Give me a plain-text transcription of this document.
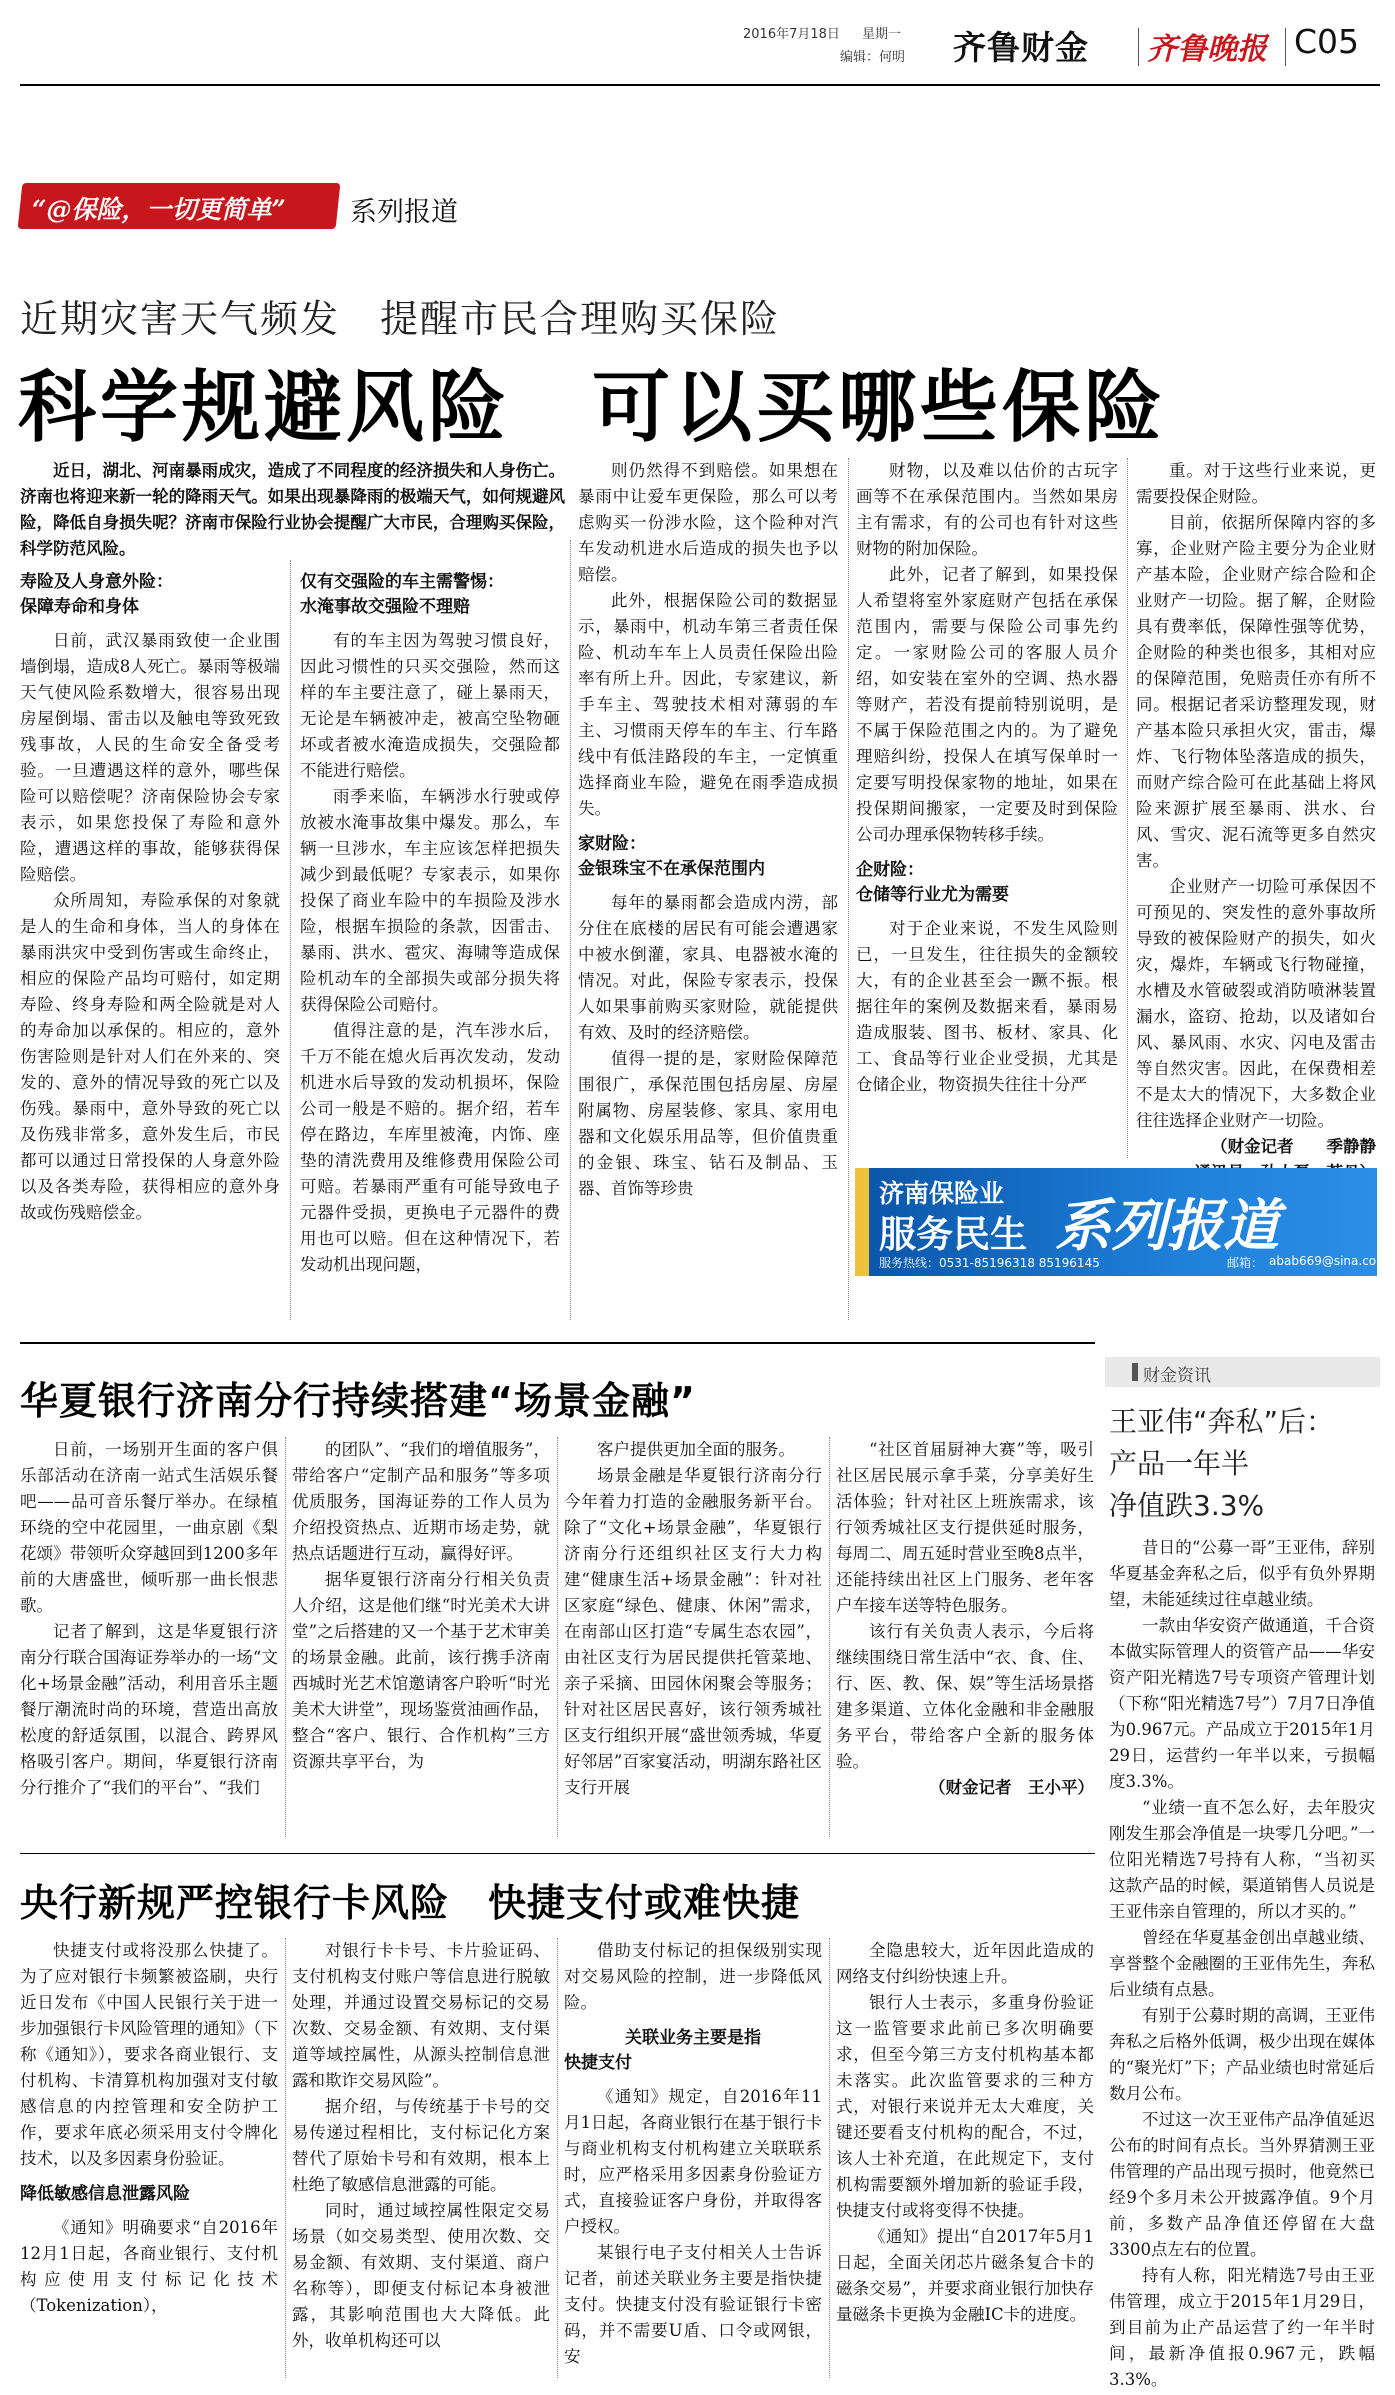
2016年7月18日 星期一
编辑：何明 齐鲁财金 齐鲁晚报 C05
“@保险，一切更简单” 系列报道
近期灾害天气频发　提醒市民合理购买保险
科学规避风险　可以买哪些保险

近日，湖北、河南暴雨成灾，造成了不同程度的经济损失和人身伤亡。济南也将迎来新一轮的降雨天气。如果出现暴降雨的极端天气，如何规避风险，降低自身损失呢？济南市保险行业协会提醒广大市民，合理购买保险，科学防范风险。

寿险及人身意外险：
保障寿命和身体

日前，武汉暴雨致使一企业围墙倒塌，造成8人死亡。暴雨等极端天气使风险系数增大，很容易出现房屋倒塌、雷击以及触电等致死致残事故，人民的生命安全备受考验。一旦遭遇这样的意外，哪些保险可以赔偿呢？济南保险协会专家表示，如果您投保了寿险和意外险，遭遇这样的事故，能够获得保险赔偿。

众所周知，寿险承保的对象就是人的生命和身体，当人的身体在暴雨洪灾中受到伤害或生命终止，相应的保险产品均可赔付，如定期寿险、终身寿险和两全险就是对人的寿命加以承保的。相应的，意外伤害险则是针对人们在外来的、突发的、意外的情况导致的死亡以及伤残。暴雨中，意外导致的死亡以及伤残非常多，意外发生后，市民都可以通过日常投保的人身意外险以及各类寿险，获得相应的意外身故或伤残赔偿金。

仅有交强险的车主需警惕：
水淹事故交强险不理赔

有的车主因为驾驶习惯良好，因此习惯性的只买交强险，然而这样的车主要注意了，碰上暴雨天，无论是车辆被冲走，被高空坠物砸坏或者被水淹造成损失，交强险都不能进行赔偿。

雨季来临，车辆涉水行驶或停放被水淹事故集中爆发。那么，车辆一旦涉水，车主应该怎样把损失减少到最低呢？专家表示，如果你投保了商业车险中的车损险及涉水险，根据车损险的条款，因雷击、暴雨、洪水、雹灾、海啸等造成保险机动车的全部损失或部分损失将获得保险公司赔付。

值得注意的是，汽车涉水后，千万不能在熄火后再次发动，发动机进水后导致的发动机损坏，保险公司一般是不赔的。据介绍，若车停在路边，车库里被淹，内饰、座垫的清洗费用及维修费用保险公司可赔。若暴雨严重有可能导致电子元器件受损，更换电子元器件的费用也可以赔。但在这种情况下，若发动机出现问题，

则仍然得不到赔偿。如果想在暴雨中让爱车更保险，那么可以考虑购买一份涉水险，这个险种对汽车发动机进水后造成的损失也予以赔偿。

此外，根据保险公司的数据显示，暴雨中，机动车第三者责任保险、机动车车上人员责任保险出险率有所上升。因此，专家建议，新手车主、驾驶技术相对薄弱的车主、习惯雨天停车的车主、行车路线中有低洼路段的车主，一定慎重选择商业车险，避免在雨季造成损失。

家财险：
金银珠宝不在承保范围内

每年的暴雨都会造成内涝，部分住在底楼的居民有可能会遭遇家中被水倒灌，家具、电器被水淹的情况。对此，保险专家表示，投保人如果事前购买家财险，就能提供有效、及时的经济赔偿。

值得一提的是，家财险保障范围很广，承保范围包括房屋、房屋附属物、房屋装修、家具、家用电器和文化娱乐用品等，但价值贵重的金银、珠宝、钻石及制品、玉器、首饰等珍贵

财物，以及难以估价的古玩字画等不在承保范围内。当然如果房主有需求，有的公司也有针对这些财物的附加保险。

此外，记者了解到，如果投保人希望将室外家庭财产包括在承保范围内，需要与保险公司事先约定。一家财险公司的客服人员介绍，如安装在室外的空调、热水器等财产，若没有提前特别说明，是不属于保险范围之内的。为了避免理赔纠纷，投保人在填写保单时一定要写明投保家物的地址，如果在投保期间搬家，一定要及时到保险公司办理承保物转移手续。

企财险：
仓储等行业尤为需要

对于企业来说，不发生风险则已，一旦发生，往往损失的金额较大，有的企业甚至会一蹶不振。根据往年的案例及数据来看，暴雨易造成服装、图书、板材、家具、化工、食品等行业企业受损，尤其是仓储企业，物资损失往往十分严

重。对于这些行业来说，更需要投保企财险。

目前，依据所保障内容的多寡，企业财产险主要分为企业财产基本险，企业财产综合险和企业财产一切险。据了解，企财险具有费率低，保障性强等优势，企财险的种类也很多，其相对应的保障范围，免赔责任亦有所不同。根据记者采访整理发现，财产基本险只承担火灾，雷击，爆炸、飞行物体坠落造成的损失，而财产综合险可在此基础上将风险来源扩展至暴雨、洪水、台风、雪灾、泥石流等更多自然灾害。

企业财产一切险可承保因不可预见的、突发性的意外事故所导致的被保险财产的损失，如火灾，爆炸，车辆或飞行物碰撞，水槽及水管破裂或消防喷淋装置漏水，盗窃、抢劫，以及诸如台风、暴风雨、水灾、闪电及雷击等自然灾害。因此，在保费相差不是太大的情况下，大多数企业往往选择企业财产一切险。

（财金记者　　季静静

济南保险业
服务民生 系列报道
服务热线：0531-85196318 85196145	邮箱： abab669@sina.com
华夏银行济南分行持续搭建“场景金融”

日前，一场别开生面的客户俱乐部活动在济南一站式生活娱乐餐吧——品可音乐餐厅举办。在绿植环绕的空中花园里，一曲京剧《梨花颂》带领听众穿越回到1200多年前的大唐盛世，倾听那一曲长恨悲歌。

记者了解到，这是华夏银行济南分行联合国海证券举办的一场“文化+场景金融”活动，利用音乐主题餐厅潮流时尚的环境，营造出高放松度的舒适氛围，以混合、跨界风格吸引客户。期间，华夏银行济南分行推介了“我们的平台”、“我们

的团队”、“我们的增值服务”，带给客户“定制产品和服务”等多项优质服务，国海证券的工作人员为介绍投资热点、近期市场走势，就热点话题进行互动，赢得好评。

据华夏银行济南分行相关负责人介绍，这是他们继“时光美术大讲堂”之后搭建的又一个基于艺术审美的场景金融。此前，该行携手济南西城时光艺术馆邀请客户聆听“时光美术大讲堂”，现场鉴赏油画作品，整合“客户、银行、合作机构”三方资源共享平台，为

客户提供更加全面的服务。

场景金融是华夏银行济南分行今年着力打造的金融服务新平台。除了“文化+场景金融”，华夏银行济南分行还组织社区支行大力构建“健康生活+场景金融”：针对社区家庭“绿色、健康、休闲”需求，在南部山区打造“专属生态农园”，由社区支行为居民提供托管菜地、亲子采摘、田园休闲聚会等服务；针对社区居民喜好，该行领秀城社区支行组织开展“盛世领秀城，华夏好邻居”百家宴活动，明湖东路社区支行开展

“社区首届厨神大赛”等，吸引社区居民展示拿手菜，分享美好生活体验；针对社区上班族需求，该行领秀城社区支行提供延时服务，每周二、周五延时营业至晚8点半，还能持续出社区上门服务、老年客户车接车送等特色服务。

该行有关负责人表示，今后将继续围绕日常生活中“衣、食、住、行、医、教、保、娱”等生活场景搭建多渠道、立体化金融和非金融服务平台，带给客户全新的服务体验。

（财金记者　王小平）

央行新规严控银行卡风险　快捷支付或难快捷

快捷支付或将没那么快捷了。为了应对银行卡频繁被盗刷，央行近日发布《中国人民银行关于进一步加强银行卡风险管理的通知》（下称《通知》），要求各商业银行、支付机构、卡清算机构加强对支付敏感信息的内控管理和安全防护工作，要求年底必须采用支付令牌化技术，以及多因素身份验证。

降低敏感信息泄露风险

《通知》明确要求“自2016年12月1日起，各商业银行、支付机构应使用支付标记化技术（Tokenization），

对银行卡卡号、卡片验证码、支付机构支付账户等信息进行脱敏处理，并通过设置交易标记的交易次数、交易金额、有效期、支付渠道等域控属性，从源头控制信息泄露和欺诈交易风险”。

据介绍，与传统基于卡号的交易传递过程相比，支付标记化方案替代了原始卡号和有效期，根本上杜绝了敏感信息泄露的可能。

同时，通过域控属性限定交易场景（如交易类型、使用次数、交易金额、有效期、支付渠道、商户名称等），即便支付标记本身被泄露，其影响范围也大大降低。此外，收单机构还可以

借助支付标记的担保级别实现对交易风险的控制，进一步降低风险。

关联业务主要是指
快捷支付

《通知》规定，自2016年11月1日起，各商业银行在基于银行卡与商业机构支付机构建立关联联系时，应严格采用多因素身份验证方式，直接验证客户身份，并取得客户授权。

某银行电子支付相关人士告诉记者，前述关联业务主要是指快捷支付。快捷支付没有验证银行卡密码，并不需要U盾、口令或网银，安

全隐患较大，近年因此造成的网络支付纠纷快速上升。

银行人士表示，多重身份验证这一监管要求此前已多次明确要求，但至今第三方支付机构基本都未落实。此次监管要求的三种方式，对银行来说并无太大难度，关键还要看支付机构的配合，不过，该人士补充道，在此规定下，支付机构需要额外增加新的验证手段，快捷支付或将变得不快捷。

《通知》提出“自2017年5月1日起，全面关闭芯片磁条复合卡的磁条交易”，并要求商业银行加快存量磁条卡更换为金融IC卡的进度。

财金资讯
王亚伟“奔私”后：
产品一年半
净值跌3.3%

昔日的“公募一哥”王亚伟，辞别华夏基金奔私之后，似乎有负外界期望，未能延续过往卓越业绩。

一款由华安资产做通道，千合资本做实际管理人的资管产品——华安资产阳光精选7号专项资产管理计划（下称“阳光精选7号”）7月7日净值为0.967元。产品成立于2015年1月29日，运营约一年半以来，亏损幅度3.3%。

“业绩一直不怎么好，去年股灾刚发生那会净值是一块零几分吧。”一位阳光精选7号持有人称，“当初买这款产品的时候，渠道销售人员说是王亚伟亲自管理的，所以才买的。”

曾经在华夏基金创出卓越业绩、享誉整个金融圈的王亚伟先生，奔私后业绩有点悬。

有别于公募时期的高调，王亚伟奔私之后格外低调，极少出现在媒体的“聚光灯”下；产品业绩也时常延后数月公布。

不过这一次王亚伟产品净值延迟公布的时间有点长。当外界猜测王亚伟管理的产品出现亏损时，他竟然已经9个多月未公开披露净值。9个月前，多数产品净值还停留在大盘3300点左右的位置。

持有人称，阳光精选7号由王亚伟管理，成立于2015年1月29日，到目前为止产品运营了约一年半时间，最新净值报0.967元，跌幅3.3%。
